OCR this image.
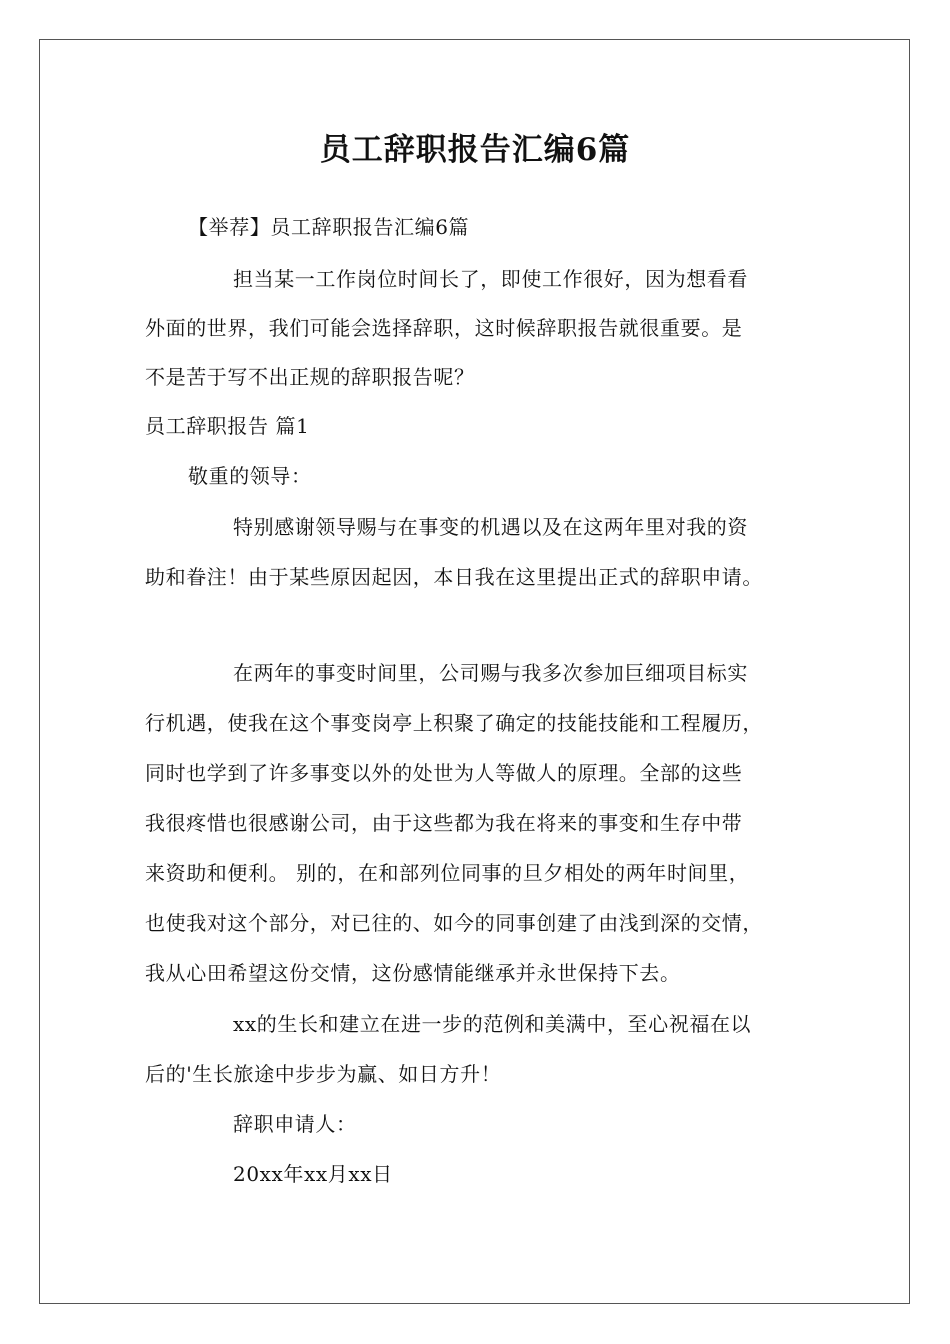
员工辞职报告汇编6篇
【举荐】员工辞职报告汇编6篇
担当某一工作岗位时间长了，即使工作很好，因为想看看
外面的世界，我们可能会选择辞职，这时候辞职报告就很重要。是
不是苦于写不出正规的辞职报告呢？
员工辞职报告 篇1
敬重的领导：
特别感谢领导赐与在事变的机遇以及在这两年里对我的资
助和眷注！由于某些原因起因，本日我在这里提出正式的辞职申请。
在两年的事变时间里，公司赐与我多次参加巨细项目标实
行机遇，使我在这个事变岗亭上积聚了确定的技能技能和工程履历，
同时也学到了许多事变以外的处世为人等做人的原理。全部的这些
我很疼惜也很感谢公司，由于这些都为我在将来的事变和生存中带
来资助和便利。 别的，在和部列位同事的旦夕相处的两年时间里，
也使我对这个部分，对已往的、如今的同事创建了由浅到深的交情，
我从心田希望这份交情，这份感情能继承并永世保持下去。
xx的生长和建立在进一步的范例和美满中，至心祝福在以
后的'生长旅途中步步为赢、如日方升！
辞职申请人：
20xx年xx月xx日
